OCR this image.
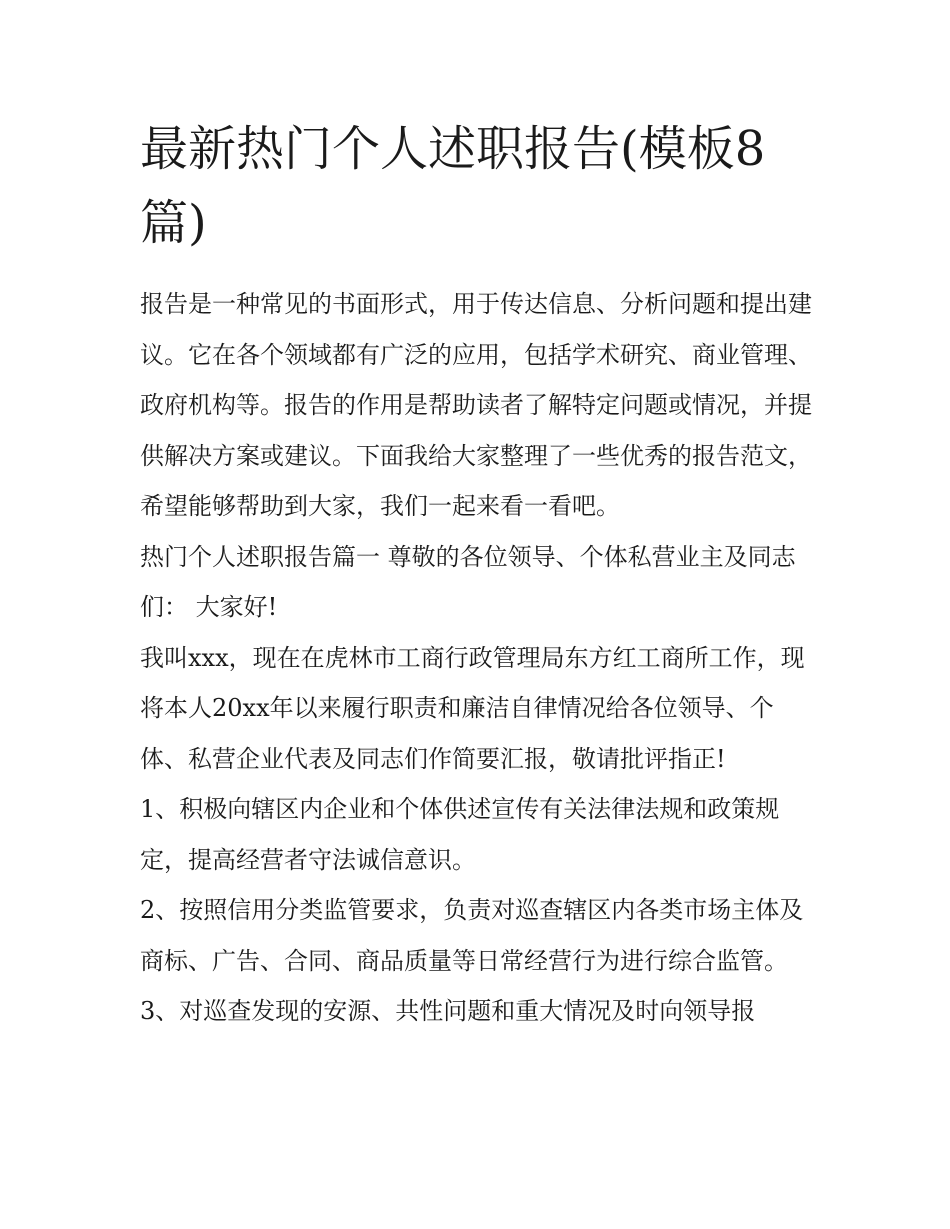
最新热门个人述职报告(模板8篇)

报告是一种常见的书面形式，用于传达信息、分析问题和提出建议。它在各个领域都有广泛的应用，包括学术研究、商业管理、政府机构等。报告的作用是帮助读者了解特定问题或情况，并提供解决方案或建议。下面我给大家整理了一些优秀的报告范文，希望能够帮助到大家，我们一起来看一看吧。

热门个人述职报告篇一 尊敬的各位领导、个体私营业主及同志们： 大家好!

我叫xxx，现在在虎林市工商行政管理局东方红工商所工作，现将本人20xx年以来履行职责和廉洁自律情况给各位领导、个体、私营企业代表及同志们作简要汇报，敬请批评指正!

1、积极向辖区内企业和个体供述宣传有关法律法规和政策规定，提高经营者守法诚信意识。

2、按照信用分类监管要求，负责对巡查辖区内各类市场主体及商标、广告、合同、商品质量等日常经营行为进行综合监管。

3、对巡查发现的安源、共性问题和重大情况及时向领导报
